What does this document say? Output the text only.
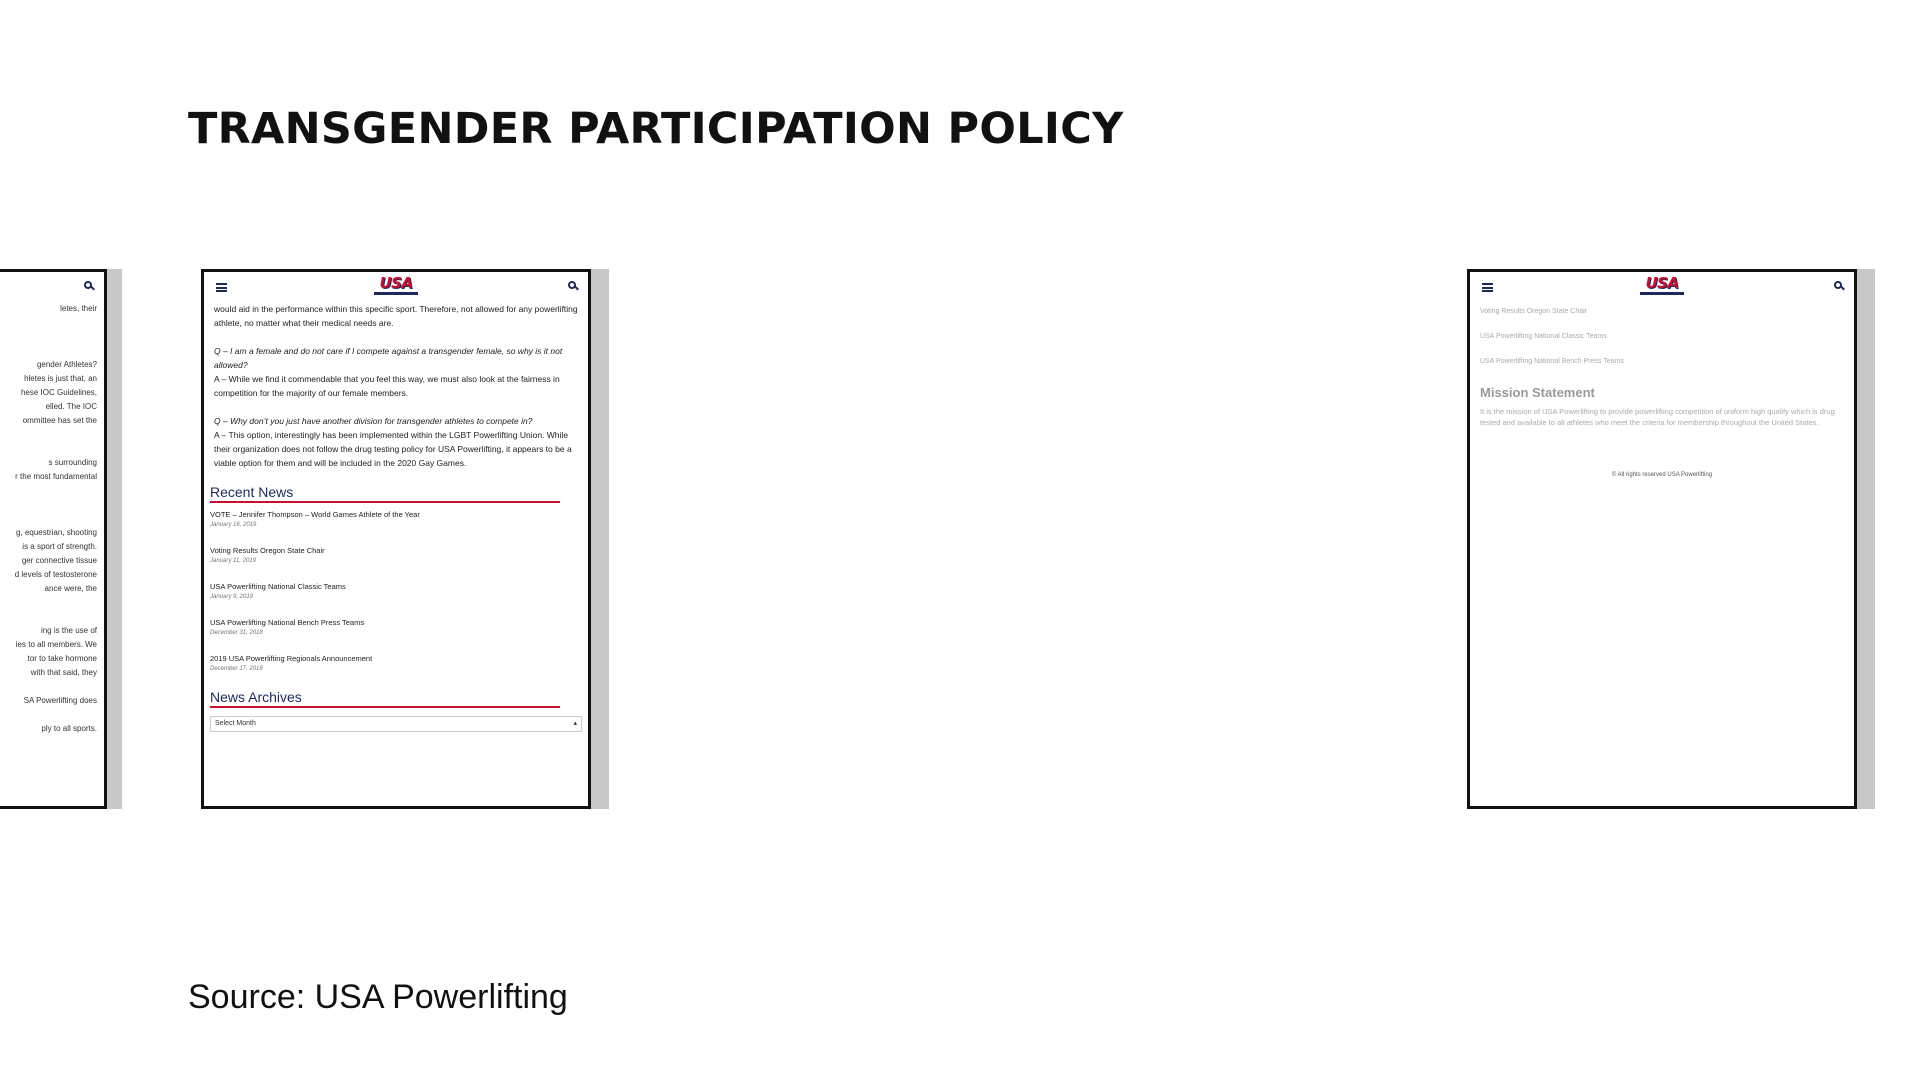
TRANSGENDER PARTICIPATION POLICY

letes, their

gender Athletes?

hletes is just that, an

hese IOC Guidelines,

elled. The IOC

ommittee has set the

s surrounding

r the most fundamental

g, equestrian, shooting

is a sport of strength.

ger connective tissue

d levels of testosterone

ance were, the

ing is the use of

ies to all members. We

tor to take hormone

with that said, they

SA Powerlifting does

ply to all sports.

USA

would aid in the performance within this specific sport. Therefore, not allowed for any powerlifting athlete, no matter what their medical needs are.

Q – I am a female and do not care if I compete against a transgender female, so why is it not allowed?

A – While we find it commendable that you feel this way, we must also look at the fairness in competition for the majority of our female members.

Q – Why don’t you just have another division for transgender athletes to compete in?

A – This option, interestingly has been implemented within the LGBT Powerlifting Union. While their organization does not follow the drug testing policy for USA Powerlifting, it appears to be a viable option for them and will be included in the 2020 Gay Games.

Recent News
VOTE – Jennifer Thompson – World Games Athlete of the Year
January 16, 2019
Voting Results Oregon State Chair
January 11, 2019
USA Powerlifting National Classic Teams
January 9, 2019
USA Powerlifting National Bench Press Teams
December 31, 2018
2019 USA Powerlifting Regionals Announcement
December 17, 2018
News Archives
Select Month ▴
USA
Voting Results Oregon State Chair
USA Powerlifting National Classic Teams
USA Powerlifting National Bench Press Teams
Mission Statement

It is the mission of USA Powerlifting to provide powerlifting competition of uniform high quality which is drug tested and available to all athletes who meet the criteria for membership throughout the United States.

© All rights reserved USA Powerlifting

Source: USA Powerlifting
